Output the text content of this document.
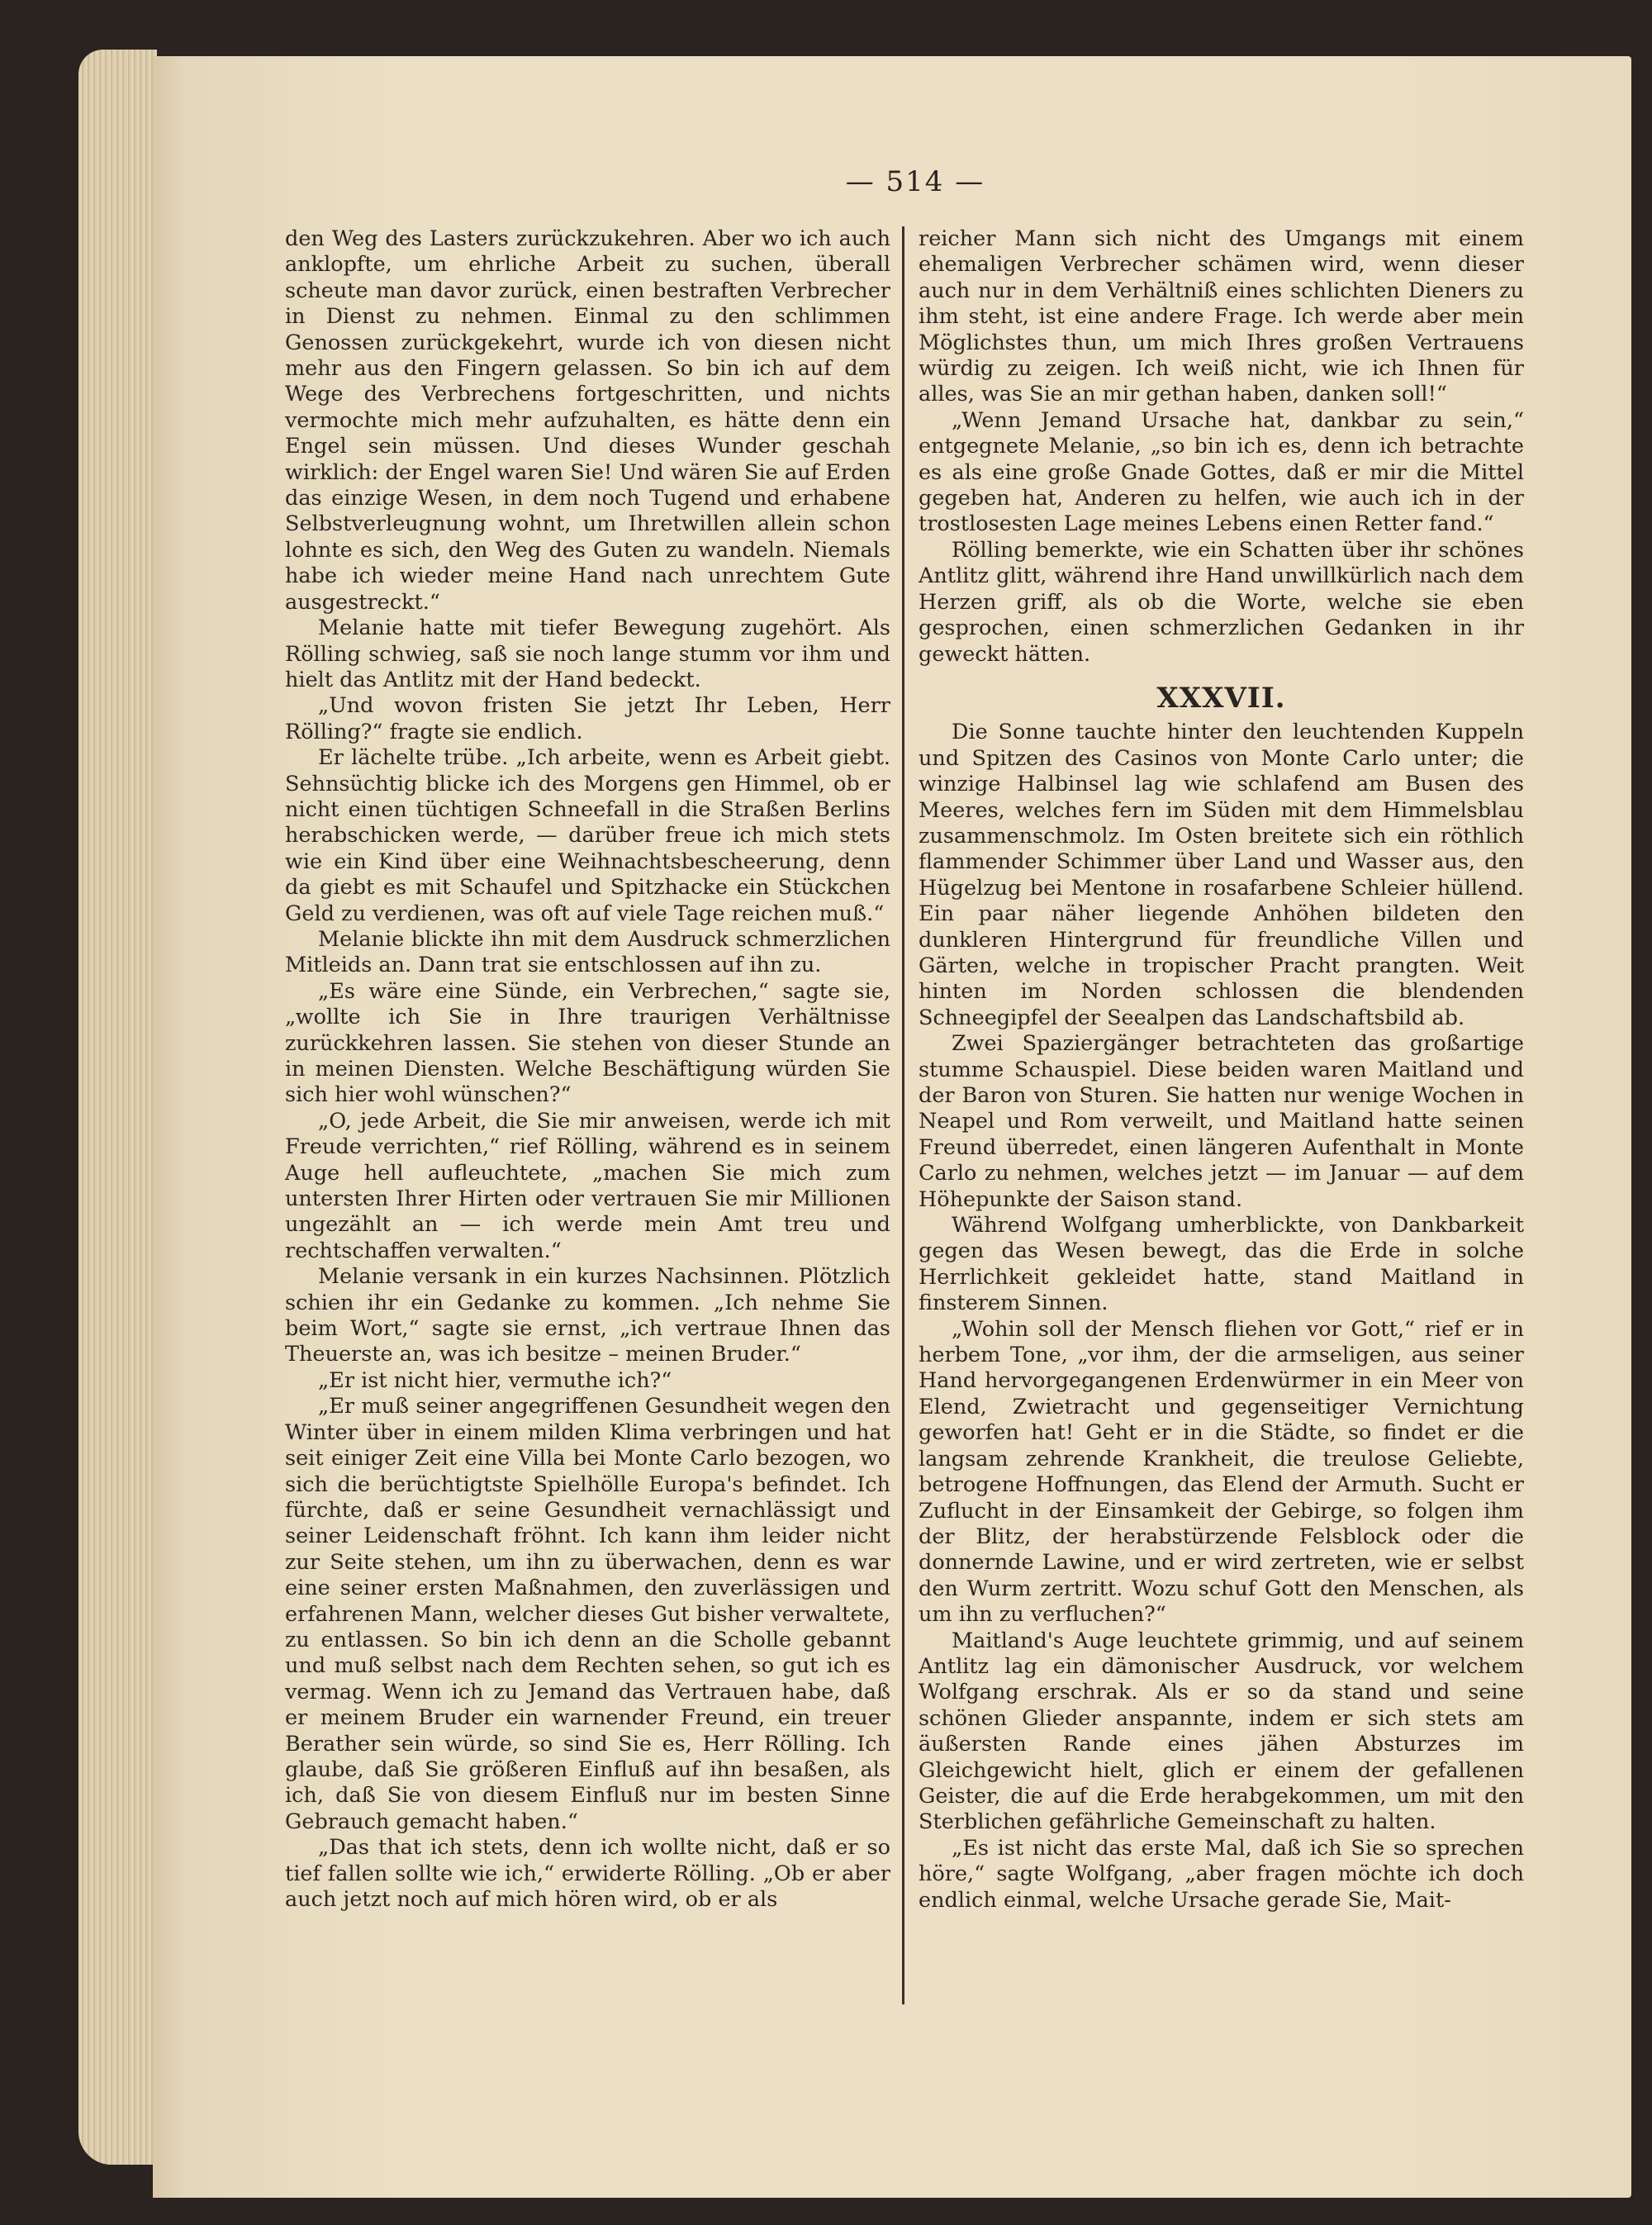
— 514 —

den Weg des Lasters zurückzukehren. Aber wo ich auch anklopfte, um ehrliche Arbeit zu suchen, überall scheute man davor zurück, einen bestraften Verbrecher in Dienst zu nehmen. Einmal zu den schlimmen Genossen zurückgekehrt, wurde ich von diesen nicht mehr aus den Fingern gelassen. So bin ich auf dem Wege des Verbrechens fortgeschritten, und nichts vermochte mich mehr aufzuhalten, es hätte denn ein Engel sein müssen. Und dieses Wunder geschah wirklich: der Engel waren Sie! Und wären Sie auf Erden das einzige Wesen, in dem noch Tugend und erhabene Selbstverleugnung wohnt, um Ihretwillen allein schon lohnte es sich, den Weg des Guten zu wandeln. Niemals habe ich wieder meine Hand nach unrechtem Gute ausgestreckt.“

Melanie hatte mit tiefer Bewegung zugehört. Als Rölling schwieg, saß sie noch lange stumm vor ihm und hielt das Antlitz mit der Hand bedeckt.

„Und wovon fristen Sie jetzt Ihr Leben, Herr Rölling?“ fragte sie endlich.

Er lächelte trübe. „Ich arbeite, wenn es Arbeit giebt. Sehnsüchtig blicke ich des Morgens gen Himmel, ob er nicht einen tüchtigen Schneefall in die Straßen Berlins herabschicken werde, — darüber freue ich mich stets wie ein Kind über eine Weihnachtsbescheerung, denn da giebt es mit Schaufel und Spitzhacke ein Stückchen Geld zu verdienen, was oft auf viele Tage reichen muß.“

Melanie blickte ihn mit dem Ausdruck schmerzlichen Mitleids an. Dann trat sie entschlossen auf ihn zu.

„Es wäre eine Sünde, ein Verbrechen,“ sagte sie, „wollte ich Sie in Ihre traurigen Verhältnisse zurückkehren lassen. Sie stehen von dieser Stunde an in meinen Diensten. Welche Beschäftigung würden Sie sich hier wohl wünschen?“

„O, jede Arbeit, die Sie mir anweisen, werde ich mit Freude verrichten,“ rief Rölling, während es in seinem Auge hell aufleuchtete, „machen Sie mich zum untersten Ihrer Hirten oder vertrauen Sie mir Millionen ungezählt an — ich werde mein Amt treu und rechtschaffen verwalten.“

Melanie versank in ein kurzes Nachsinnen. Plötzlich schien ihr ein Gedanke zu kommen. „Ich nehme Sie beim Wort,“ sagte sie ernst, „ich vertraue Ihnen das Theuerste an, was ich besitze – meinen Bruder.“

„Er ist nicht hier, vermuthe ich?“

„Er muß seiner angegriffenen Gesundheit wegen den Winter über in einem milden Klima verbringen und hat seit einiger Zeit eine Villa bei Monte Carlo bezogen, wo sich die berüchtigtste Spielhölle Europa's befindet. Ich fürchte, daß er seine Gesundheit vernachlässigt und seiner Leidenschaft fröhnt. Ich kann ihm leider nicht zur Seite stehen, um ihn zu überwachen, denn es war eine seiner ersten Maßnahmen, den zuverlässigen und erfahrenen Mann, welcher dieses Gut bisher verwaltete, zu entlassen. So bin ich denn an die Scholle gebannt und muß selbst nach dem Rechten sehen, so gut ich es vermag. Wenn ich zu Jemand das Vertrauen habe, daß er meinem Bruder ein warnender Freund, ein treuer Berather sein würde, so sind Sie es, Herr Rölling. Ich glaube, daß Sie größeren Einfluß auf ihn besaßen, als ich, daß Sie von diesem Einfluß nur im besten Sinne Gebrauch gemacht haben.“

„Das that ich stets, denn ich wollte nicht, daß er so tief fallen sollte wie ich,“ erwiderte Rölling. „Ob er aber auch jetzt noch auf mich hören wird, ob er als

reicher Mann sich nicht des Umgangs mit einem ehemaligen Verbrecher schämen wird, wenn dieser auch nur in dem Verhältniß eines schlichten Dieners zu ihm steht, ist eine andere Frage. Ich werde aber mein Möglichstes thun, um mich Ihres großen Vertrauens würdig zu zeigen. Ich weiß nicht, wie ich Ihnen für alles, was Sie an mir gethan haben, danken soll!“

„Wenn Jemand Ursache hat, dankbar zu sein,“ entgegnete Melanie, „so bin ich es, denn ich betrachte es als eine große Gnade Gottes, daß er mir die Mittel gegeben hat, Anderen zu helfen, wie auch ich in der trostlosesten Lage meines Lebens einen Retter fand.“

Rölling bemerkte, wie ein Schatten über ihr schönes Antlitz glitt, während ihre Hand unwillkürlich nach dem Herzen griff, als ob die Worte, welche sie eben gesprochen, einen schmerzlichen Gedanken in ihr geweckt hätten.

XXXVII.

Die Sonne tauchte hinter den leuchtenden Kuppeln und Spitzen des Casinos von Monte Carlo unter; die winzige Halbinsel lag wie schlafend am Busen des Meeres, welches fern im Süden mit dem Himmelsblau zusammenschmolz. Im Osten breitete sich ein röthlich flammender Schimmer über Land und Wasser aus, den Hügelzug bei Mentone in rosafarbene Schleier hüllend. Ein paar näher liegende Anhöhen bildeten den dunkleren Hintergrund für freundliche Villen und Gärten, welche in tropischer Pracht prangten. Weit hinten im Norden schlossen die blendenden Schneegipfel der Seealpen das Landschaftsbild ab.

Zwei Spaziergänger betrachteten das großartige stumme Schauspiel. Diese beiden waren Maitland und der Baron von Sturen. Sie hatten nur wenige Wochen in Neapel und Rom verweilt, und Maitland hatte seinen Freund überredet, einen längeren Aufenthalt in Monte Carlo zu nehmen, welches jetzt — im Januar — auf dem Höhepunkte der Saison stand.

Während Wolfgang umherblickte, von Dankbarkeit gegen das Wesen bewegt, das die Erde in solche Herrlichkeit gekleidet hatte, stand Maitland in finsterem Sinnen.

„Wohin soll der Mensch fliehen vor Gott,“ rief er in herbem Tone, „vor ihm, der die armseligen, aus seiner Hand hervorgegangenen Erdenwürmer in ein Meer von Elend, Zwietracht und gegenseitiger Vernichtung geworfen hat! Geht er in die Städte, so findet er die langsam zehrende Krankheit, die treulose Geliebte, betrogene Hoffnungen, das Elend der Armuth. Sucht er Zuflucht in der Einsamkeit der Gebirge, so folgen ihm der Blitz, der herabstürzende Felsblock oder die donnernde Lawine, und er wird zertreten, wie er selbst den Wurm zertritt. Wozu schuf Gott den Menschen, als um ihn zu verfluchen?“

Maitland's Auge leuchtete grimmig, und auf seinem Antlitz lag ein dämonischer Ausdruck, vor welchem Wolfgang erschrak. Als er so da stand und seine schönen Glieder anspannte, indem er sich stets am äußersten Rande eines jähen Absturzes im Gleichgewicht hielt, glich er einem der gefallenen Geister, die auf die Erde herabgekommen, um mit den Sterblichen gefährliche Gemeinschaft zu halten.

„Es ist nicht das erste Mal, daß ich Sie so sprechen höre,“ sagte Wolfgang, „aber fragen möchte ich doch endlich einmal, welche Ursache gerade Sie, Mait-
